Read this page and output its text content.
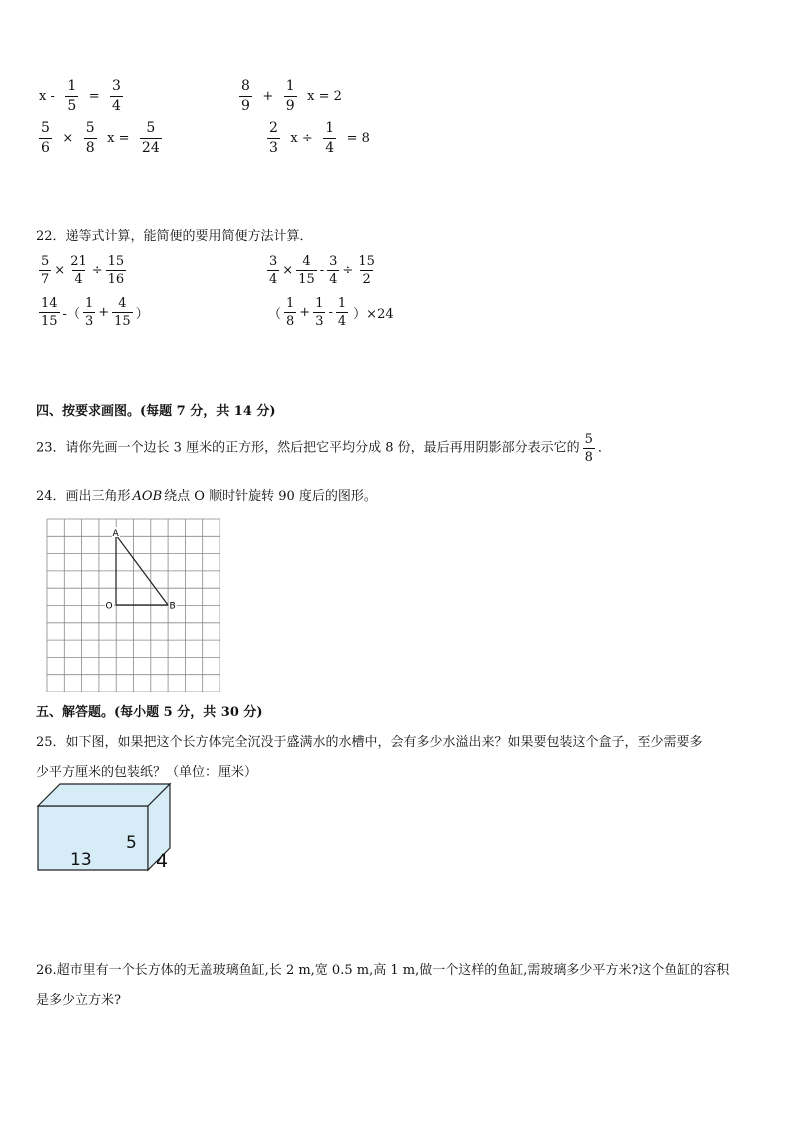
$x - \frac{1}{5} = \frac{3}{4}$	$\frac{8}{9} + \frac{1}{9}$ x = 2
$\frac{5}{6} \times \frac{5}{8}$ $x = \frac{5}{24}$	$\frac{2}{3}$ $x \div \frac{1}{4} = 8$
22．递等式计算，能简便的要用简便方法计算．
$\frac{5}{7} \times \frac{21}{4} \div \frac{15}{16}$	$\frac{3}{4} \times \frac{4}{15} - \frac{3}{4} \div \frac{15}{2}$
$\frac{14}{15}$ -（ $\frac{1}{3} + \frac{4}{15}$ ）	（ $\frac{1}{8} + \frac{1}{3} - \frac{1}{4} )\times 24$
四、按要求画图。(每题 7 分，共 14 分)
23．请你先画一个边长 3 厘米的正方形，然后把它平均分成 8 份，最后再用阴影部分表示它的 $\frac{5}{8}$ ．
24．画出三角形 AOB 绕点 O 顺时针旋转 90 度后的图形。
A
O	B
五、解答题。(每小题 5 分，共 30 分)
25．如下图，如果把这个长方体完全沉没于盛满水的水槽中，会有多少水溢出来？如果要包装这个盒子，至少需要多
少平方厘米的包装纸？（单位：厘米）
13
5
4
26.超市里有一个长方体的无盖玻璃鱼缸,长 2 m,宽 0.5 m,高 1 m,做一个这样的鱼缸,需玻璃多少平方米?这个鱼缸的容积
是多少立方米?
